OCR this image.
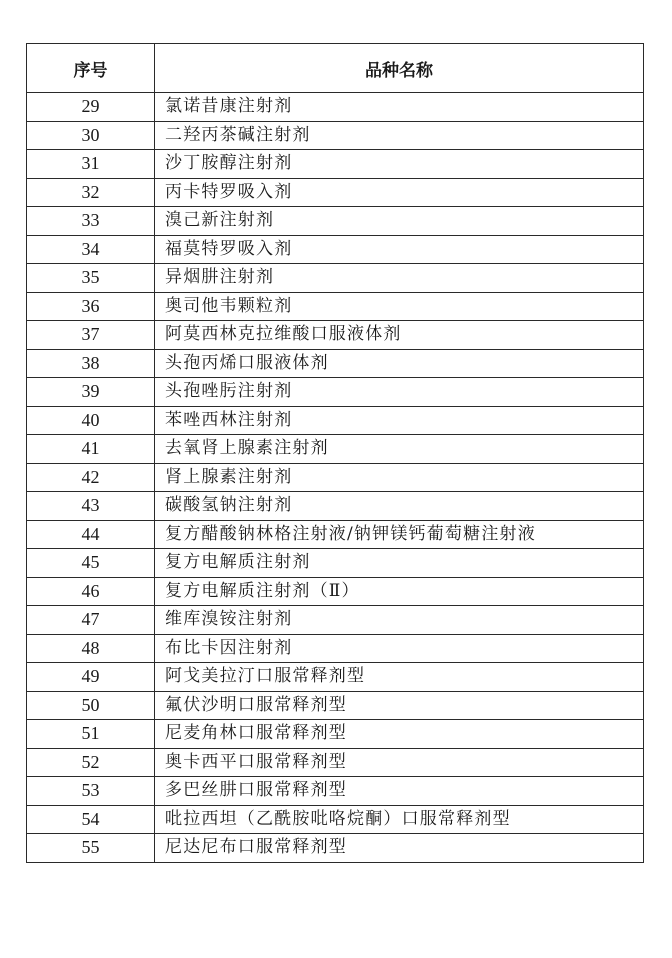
序号	品种名称
29	氯诺昔康注射剂
30	二羟丙茶碱注射剂
31	沙丁胺醇注射剂
32	丙卡特罗吸入剂
33	溴己新注射剂
34	福莫特罗吸入剂
35	异烟肼注射剂
36	奥司他韦颗粒剂
37	阿莫西林克拉维酸口服液体剂
38	头孢丙烯口服液体剂
39	头孢唑肟注射剂
40	苯唑西林注射剂
41	去氧肾上腺素注射剂
42	肾上腺素注射剂
43	碳酸氢钠注射剂
44	复方醋酸钠林格注射液/钠钾镁钙葡萄糖注射液
45	复方电解质注射剂
46	复方电解质注射剂（Ⅱ）
47	维库溴铵注射剂
48	布比卡因注射剂
49	阿戈美拉汀口服常释剂型
50	氟伏沙明口服常释剂型
51	尼麦角林口服常释剂型
52	奥卡西平口服常释剂型
53	多巴丝肼口服常释剂型
54	吡拉西坦（乙酰胺吡咯烷酮）口服常释剂型
55	尼达尼布口服常释剂型
